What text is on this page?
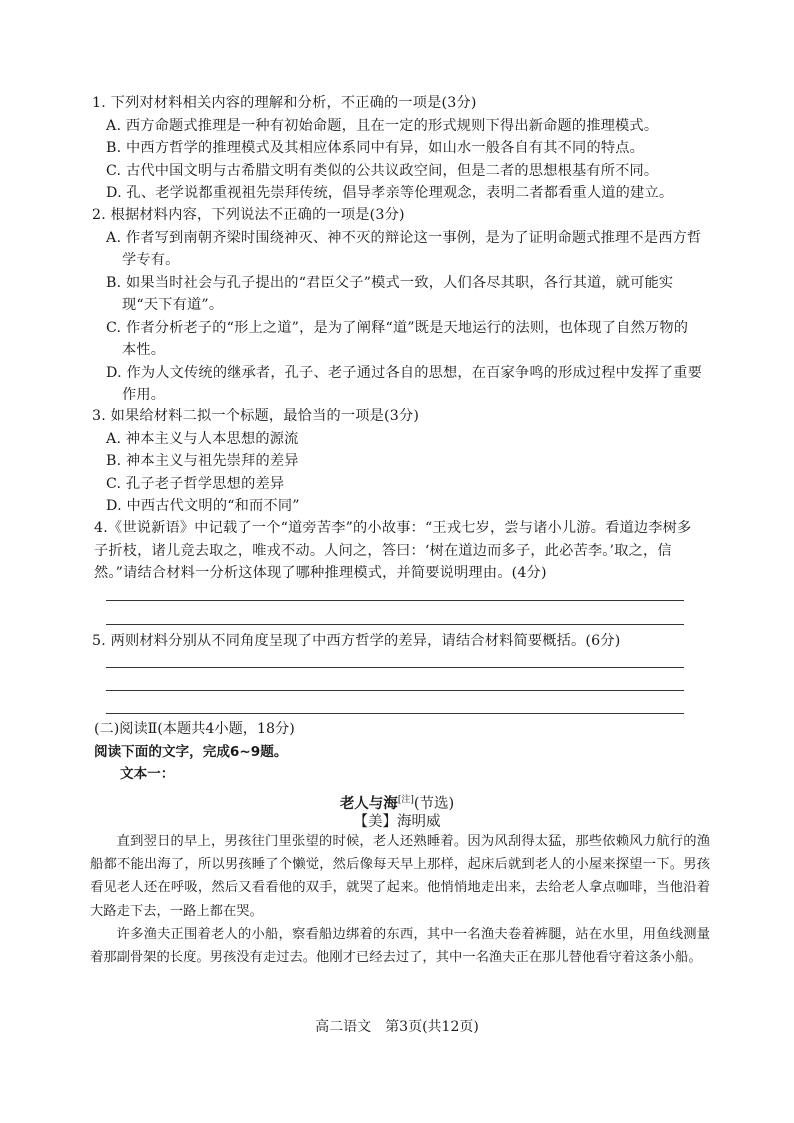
1. 下列对材料相关内容的理解和分析，不正确的一项是(3分)
A. 西方命题式推理是一种有初始命题，且在一定的形式规则下得出新命题的推理模式。
B. 中西方哲学的推理模式及其相应体系同中有异，如山水一般各自有其不同的特点。
C. 古代中国文明与古希腊文明有类似的公共议政空间，但是二者的思想根基有所不同。
D. 孔、老学说都重视祖先崇拜传统，倡导孝亲等伦理观念，表明二者都看重人道的建立。
2. 根据材料内容，下列说法不正确的一项是(3分)
A. 作者写到南朝齐梁时围绕神灭、神不灭的辩论这一事例，是为了证明命题式推理不是西方哲学专有。
B. 如果当时社会与孔子提出的“君臣父子”模式一致，人们各尽其职，各行其道，就可能实现“天下有道”。
C. 作者分析老子的“形上之道”，是为了阐释“道”既是天地运行的法则，也体现了自然万物的本性。
D. 作为人文传统的继承者，孔子、老子通过各自的思想，在百家争鸣的形成过程中发挥了重要作用。
3. 如果给材料二拟一个标题，最恰当的一项是(3分)
A. 神本主义与人本思想的源流
B. 神本主义与祖先崇拜的差异
C. 孔子老子哲学思想的差异
D. 中西古代文明的“和而不同”
4.《世说新语》中记载了一个“道旁苦李”的小故事：“王戎七岁，尝与诸小儿游。看道边李树多子折枝，诸儿竞去取之，唯戎不动。人问之，答曰：‘树在道边而多子，此必苦李。’取之，信然。”请结合材料一分析这体现了哪种推理模式，并简要说明理由。(4分)
5. 两则材料分别从不同角度呈现了中西方哲学的差异，请结合材料简要概括。(6分)
(二)阅读Ⅱ(本题共4小题，18分)
阅读下面的文字，完成6~9题。
文本一：
老人与海[注](节选)
【美】海明威

直到翌日的早上，男孩往门里张望的时候，老人还熟睡着。因为风刮得太猛，那些依赖风力航行的渔船都不能出海了，所以男孩睡了个懒觉，然后像每天早上那样，起床后就到老人的小屋来探望一下。男孩看见老人还在呼吸，然后又看看他的双手，就哭了起来。他悄悄地走出来，去给老人拿点咖啡，当他沿着大路走下去，一路上都在哭。

许多渔夫正围着老人的小船，察看船边绑着的东西，其中一名渔夫卷着裤腿，站在水里，用鱼线测量着那副骨架的长度。男孩没有走过去。他刚才已经去过了，其中一名渔夫正在那儿替他看守着这条小船。

高二语文　第3页(共12页)
